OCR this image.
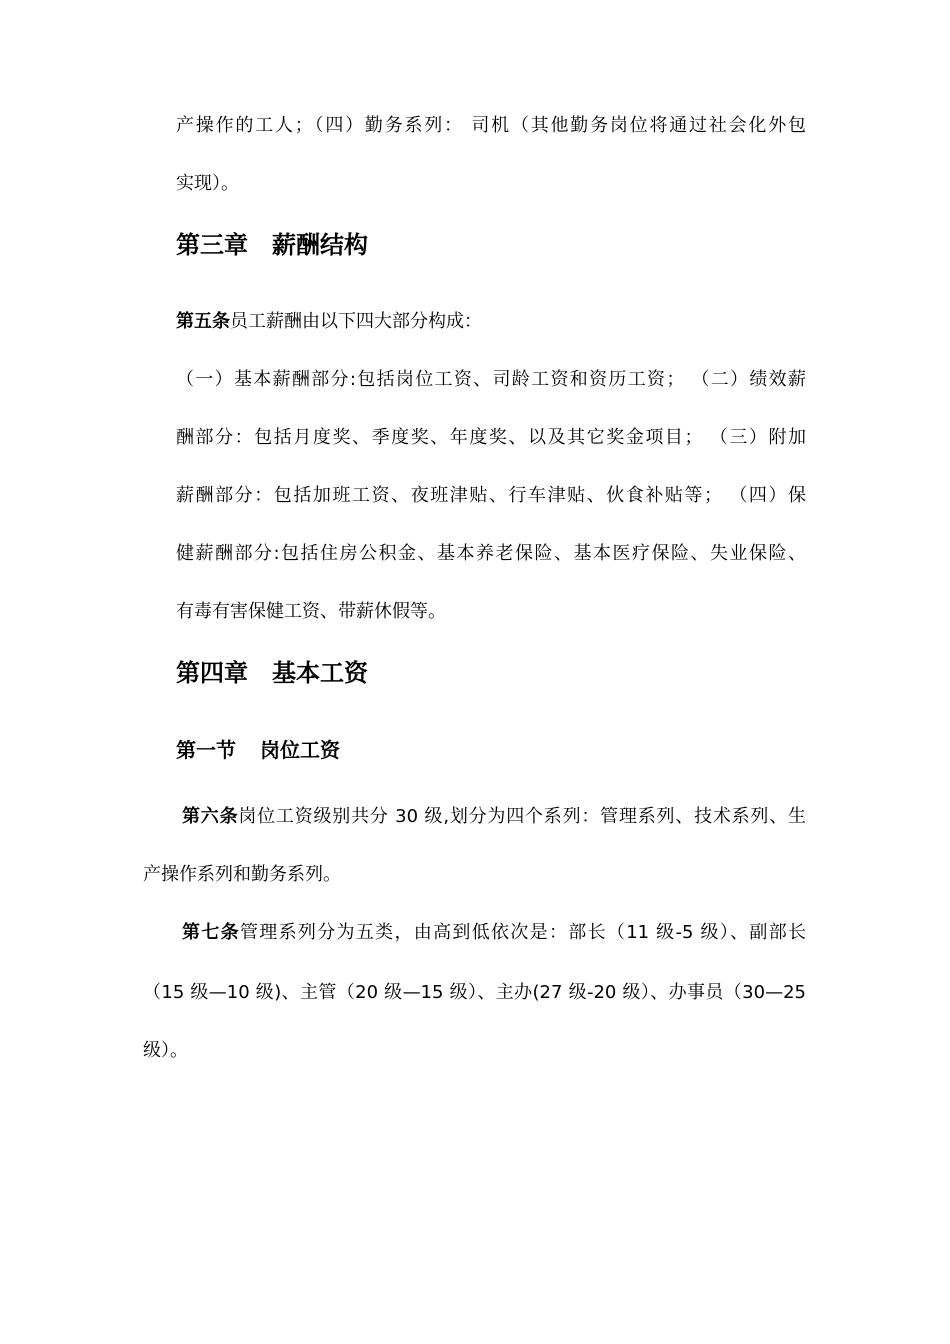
产操作的工人；（四）勤务系列： 司机（其他勤务岗位将通过社会化外包

实现）。

第三章 薪酬结构

第五条员工薪酬由以下四大部分构成：

（一）基本薪酬部分:包括岗位工资、司龄工资和资历工资； （二）绩效薪

酬部分：包括月度奖、季度奖、年度奖、以及其它奖金项目； （三）附加

薪酬部分：包括加班工资、夜班津贴、行车津贴、伙食补贴等； （四）保

健薪酬部分:包括住房公积金、基本养老保险、基本医疗保险、失业保险、

有毒有害保健工资、带薪休假等。

第四章 基本工资
第一节 岗位工资

第六条岗位工资级别共分 30 级,划分为四个系列：管理系列、技术系列、生

产操作系列和勤务系列。

第七条管理系列分为五类，由高到低依次是：部长（11 级-5 级）、副部长

（15 级—10 级)、主管（20 级—15 级）、主办(27 级-20 级）、办事员（30—25

级）。
